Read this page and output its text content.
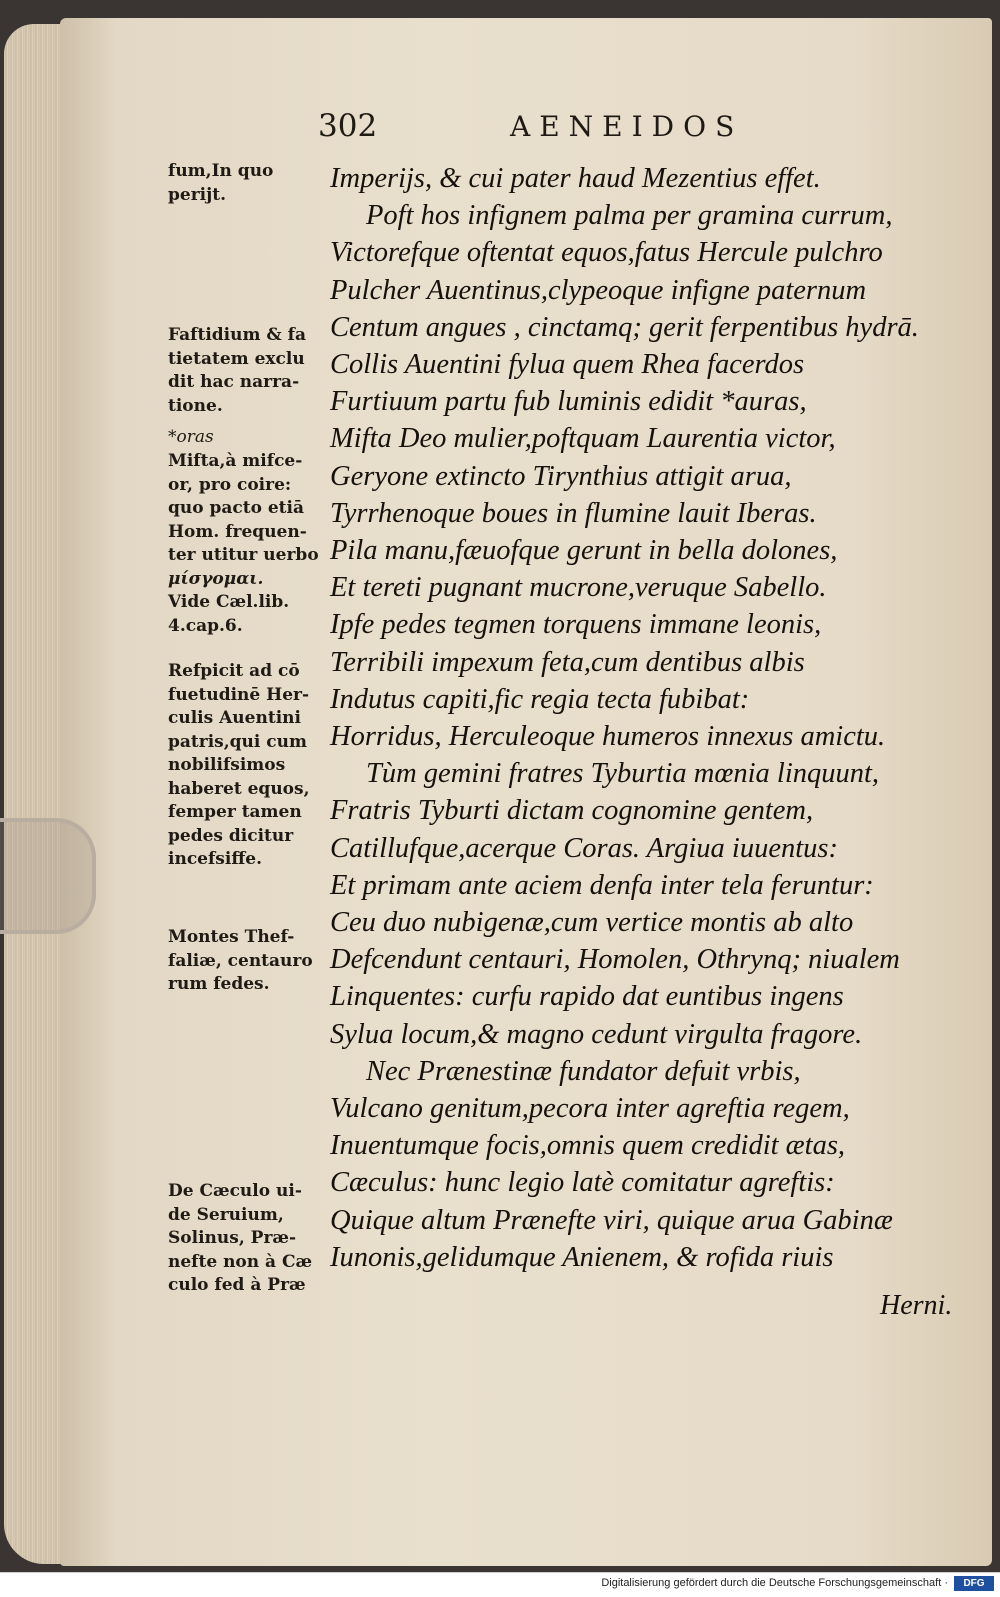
302	AENEIDOS
fum,In quo
perijt.
Faftidium & fa
tietatem exclu
dit hac narra-
tione.
*oras
Mifta,à mifce-
or, pro coire:
quo pacto etiā
Hom. frequen-
ter utitur uerbo
μίσγομαι.
Vide Cæl.lib.
4.cap.6.
Refpicit ad cō
fuetudinē Her-
culis Auentini
patris,qui cum
nobilifsimos
haberet equos,
femper tamen
pedes dicitur
incefsiffe.
Montes Thef-
faliæ, centauro
rum fedes.
De Cæculo ui-
de Seruium,
Solinus, Præ-
nefte non à Cæ
culo fed à Præ
Imperijs, & cui pater haud Mezentius effet.
Poft hos infignem palma per gramina currum,
Victorefque oftentat equos,fatus Hercule pulchro
Pulcher Auentinus,clypeoque infigne paternum
Centum angues , cinctamq; gerit ferpentibus hydrā.
Collis Auentini fylua quem Rhea facerdos
Furtiuum partu fub luminis edidit *auras,
Mifta Deo mulier,poftquam Laurentia victor,
Geryone extincto Tirynthius attigit arua,
Tyrrhenoque boues in flumine lauit Iberas.
Pila manu,fæuofque gerunt in bella dolones,
Et tereti pugnant mucrone,veruque Sabello.
Ipfe pedes tegmen torquens immane leonis,
Terribili impexum feta,cum dentibus albis
Indutus capiti,fic regia tecta fubibat:
Horridus, Herculeoque humeros innexus amictu.
Tùm gemini fratres Tyburtia mœnia linquunt,
Fratris Tyburti dictam cognomine gentem,
Catillufque,acerque Coras. Argiua iuuentus:
Et primam ante aciem denfa inter tela feruntur:
Ceu duo nubigenæ,cum vertice montis ab alto
Defcendunt centauri, Homolen, Othrynq; niualem
Linquentes: curfu rapido dat euntibus ingens
Sylua locum,& magno cedunt virgulta fragore.
Nec Prænestinæ fundator defuit vrbis,
Vulcano genitum,pecora inter agreftia regem,
Inuentumque focis,omnis quem credidit ætas,
Cæculus: hunc legio latè comitatur agreftis:
Quique altum Prænefte viri, quique arua Gabinæ
Iunonis,gelidumque Anienem, & rofida riuis
Herni.
Digitalisierung gefördert durch die Deutsche Forschungsgemeinschaft ·	DFG
